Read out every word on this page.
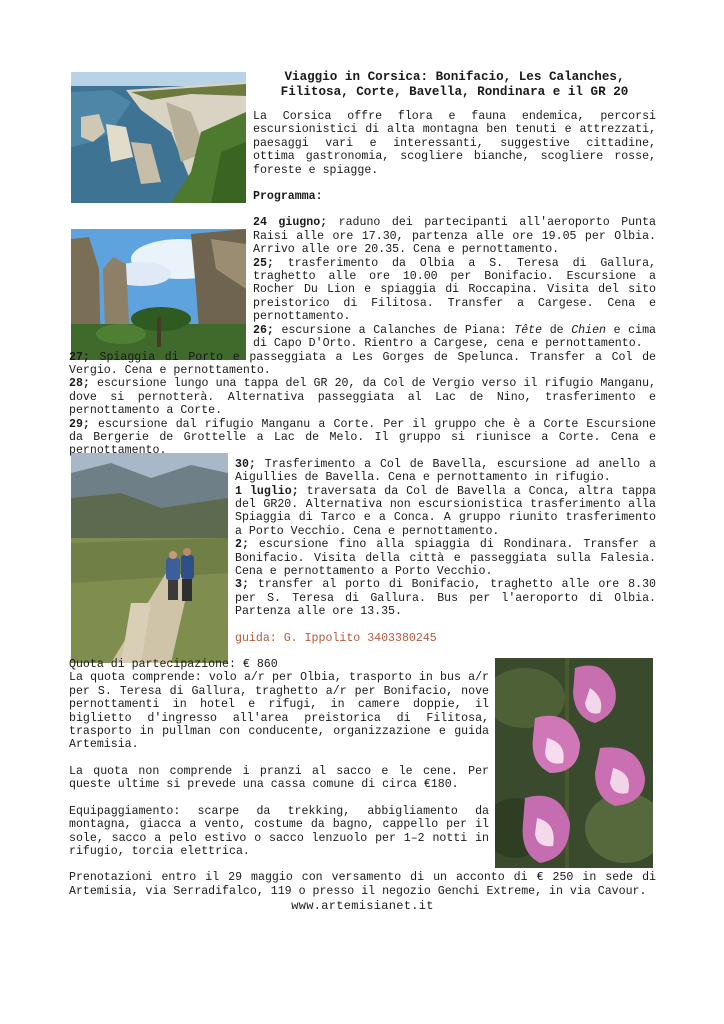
Viaggio in Corsica: Bonifacio, Les Calanches, Filitosa, Corte, Bavella, Rondinara e il GR 20

La Corsica offre flora e fauna endemica, percorsi escursionistici di alta montagna ben tenuti e attrezzati, paesaggi vari e interessanti, suggestive cittadine, ottima gastronomia, scogliere bianche, scogliere rosse, foreste e spiagge.

Programma:

24 giugno; raduno dei partecipanti all'aeroporto Punta Raisi alle ore 17.30, partenza alle ore 19.05 per Olbia. Arrivo alle ore 20.35. Cena e pernottamento.

25; trasferimento da Olbia a S. Teresa di Gallura, traghetto alle ore 10.00 per Bonifacio. Escursione a Rocher Du Lion e spiaggia di Roccapina. Visita del sito preistorico di Filitosa. Transfer a Cargese. Cena e pernottamento.

26; escursione a Calanches de Piana: Tête de Chien e cima di Capo D'Orto. Rientro a Cargese, cena e pernottamento.

27; Spiaggia di Porto e passeggiata a Les Gorges de Spelunca. Transfer a Col de Vergio. Cena e pernottamento.

28; escursione lungo una tappa del GR 20, da Col de Vergio verso il rifugio Manganu, dove si pernotterà. Alternativa passeggiata al Lac de Nino, trasferimento e pernottamento a Corte.

29; escursione dal rifugio Manganu a Corte. Per il gruppo che è a Corte Escursione da Bergerie de Grottelle a Lac de Melo. Il gruppo si riunisce a Corte. Cena e pernottamento.

30; Trasferimento a Col de Bavella, escursione ad anello a Aigullies de Bavella. Cena e pernottamento in rifugio.

1 luglio; traversata da Col de Bavella a Conca, altra tappa del GR20. Alternativa non escursionistica trasferimento alla Spiaggia di Tarco e a Conca. A gruppo riunito trasferimento a Porto Vecchio. Cena e pernottamento.

2; escursione fino alla spiaggia di Rondinara. Transfer a Bonifacio. Visita della città e passeggiata sulla Falesia. Cena e pernottamento a Porto Vecchio.

3; transfer al porto di Bonifacio, traghetto alle ore 8.30 per S. Teresa di Gallura. Bus per l'aeroporto di Olbia. Partenza alle ore 13.35.

guida: G. Ippolito 3403380245

Quota di partecipazione: € 860

La quota comprende: volo a/r per Olbia, trasporto in bus a/r per S. Teresa di Gallura, traghetto a/r per Bonifacio, nove pernottamenti in hotel e rifugi, in camere doppie, il biglietto d'ingresso all'area preistorica di Filitosa, trasporto in pullman con conducente, organizzazione e guida Artemisia.

La quota non comprende i pranzi al sacco e le cene. Per queste ultime si prevede una cassa comune di circa €180.

Equipaggiamento: scarpe da trekking, abbigliamento da montagna, giacca a vento, costume da bagno, cappello per il sole, sacco a pelo estivo o sacco lenzuolo per 1–2 notti in rifugio, torcia elettrica.

Prenotazioni entro il 29 maggio con versamento di un acconto di € 250 in sede di Artemisia, via Serradifalco, 119 o presso il negozio Genchi Extreme, in via Cavour.

www.artemisianet.it
